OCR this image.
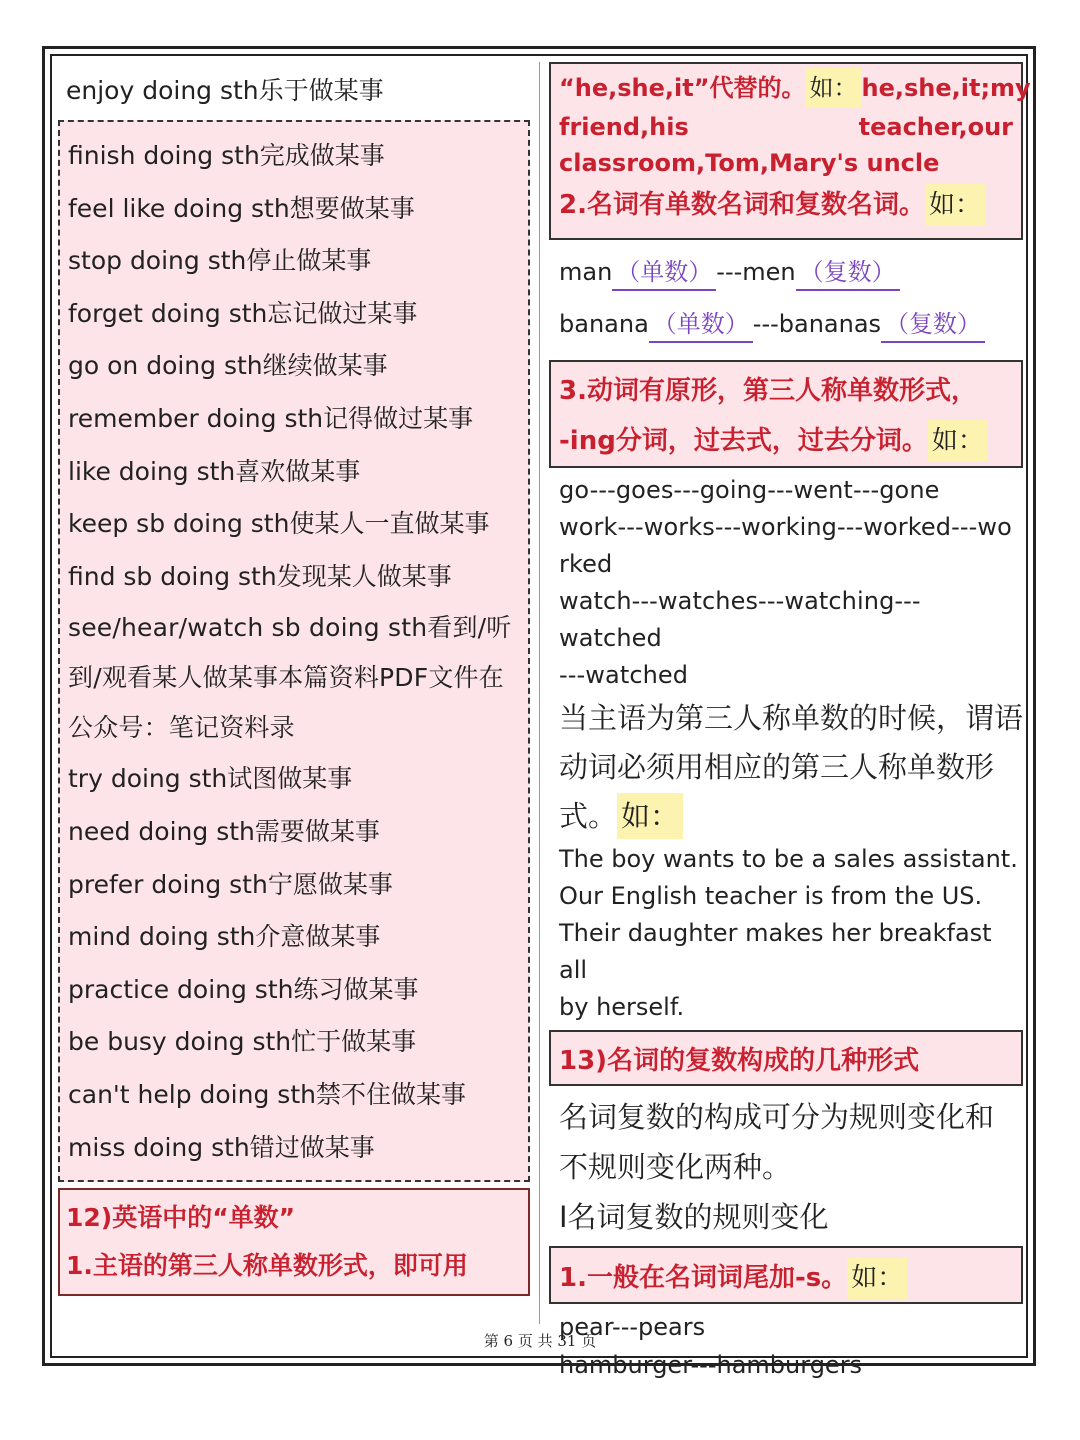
enjoy doing sth乐于做某事
finish doing sth完成做某事
feel like doing sth想要做某事
stop doing sth停止做某事
forget doing sth忘记做过某事
go on doing sth继续做某事
remember doing sth记得做过某事
like doing sth喜欢做某事
keep sb doing sth使某人一直做某事
find sb doing sth发现某人做某事
see/hear/watch sb doing sth看到/听到/观看某人做某事本篇资料PDF文件在公众号：笔记资料录
try doing sth试图做某事
need doing sth需要做某事
prefer doing sth宁愿做某事
mind doing sth介意做某事
practice doing sth练习做某事
be busy doing sth忙于做某事
can't help doing sth禁不住做某事
miss doing sth错过做某事
12)英语中的“单数”
1.主语的第三人称单数形式，即可用
“he,she,it”代替的。 如： he,she,it;my
friend,his	teacher,our
classroom,Tom,Mary's uncle
2.名词有单数名词和复数名词。 如：
man （单数） ---men （复数）
banana （单数） ---bananas （复数）
3.动词有原形，第三人称单数形式，
-ing分词，过去式，过去分词。 如：
go---goes---going---went---gone
work---works---working---worked---wo
rked
watch---watches---watching---watched
---watched
当主语为第三人称单数的时候，谓语
动词必须用相应的第三人称单数形
式。 如：
The boy wants to be a sales assistant.
Our English teacher is from the US.
Their daughter makes her breakfast all
by herself.
13)名词的复数构成的几种形式
名词复数的构成可分为规则变化和
不规则变化两种。
I名词复数的规则变化
1.一般在名词词尾加-s。 如：
pear---pears
hamburger---hamburgers
第 6 页 共 31 页
